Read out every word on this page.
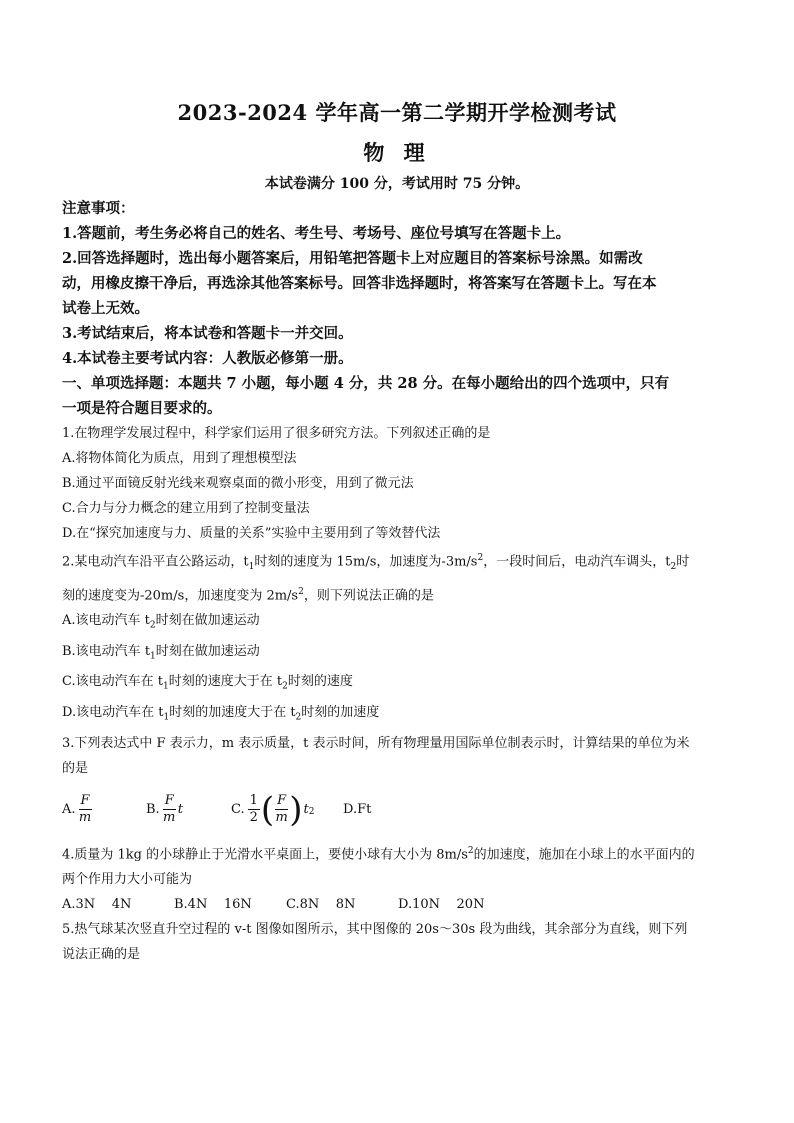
2023-2024 学年高一第二学期开学检测考试
物 理
本试卷满分 100 分，考试用时 75 分钟。
注意事项：
1.答题前，考生务必将自己的姓名、考生号、考场号、座位号填写在答题卡上。
2.回答选择题时，选出每小题答案后，用铅笔把答题卡上对应题目的答案标号涂黑。如需改
动，用橡皮擦干净后，再选涂其他答案标号。回答非选择题时，将答案写在答题卡上。写在本
试卷上无效。
3.考试结束后，将本试卷和答题卡一并交回。
4.本试卷主要考试内容：人教版必修第一册。
一、单项选择题：本题共 7 小题，每小题 4 分，共 28 分。在每小题给出的四个选项中，只有
一项是符合题目要求的。
1.在物理学发展过程中，科学家们运用了很多研究方法。下列叙述正确的是
A.将物体简化为质点，用到了理想模型法
B.通过平面镜反射光线来观察桌面的微小形变，用到了微元法
C.合力与分力概念的建立用到了控制变量法
D.在“探究加速度与力、质量的关系”实验中主要用到了等效替代法
2.某电动汽车沿平直公路运动，$t_1$时刻的速度为 15m/s，加速度为$-3m/s^2$，一段时间后，电动汽车调头，$t_2$时
刻的速度变为-20m/s，加速度变为 $2m/s^2$，则下列说法正确的是
A.该电动汽车 $t_2$时刻在做加速运动
B.该电动汽车 $t_1$时刻在做加速运动
C.该电动汽车在 $t_1$时刻的速度大于在 $t_2$时刻的速度
D.该电动汽车在 $t_1$时刻的加速度大于在 $t_2$时刻的加速度
3.下列表达式中 F 表示力，m 表示质量，t 表示时间，所有物理量用国际单位制表示时，计算结果的单位为米
的是
A. $\frac{F}{m}$	B. $\frac{F}{m}$ t	C. $\frac{1}{2}$ ( $\frac{F}{m}$ ) t 2 D.Ft
4.质量为 1kg 的小球静止于光滑水平桌面上，要使小球有大小为 $8m/s^2$的加速度，施加在小球上的水平面内的
两个作用力大小可能为
A.3N    4N	B.4N    16N	C.8N    8N	D.10N    20N
5.热气球某次竖直升空过程的 v-t 图像如图所示，其中图像的 20s～30s 段为曲线，其余部分为直线，则下列
说法正确的是
